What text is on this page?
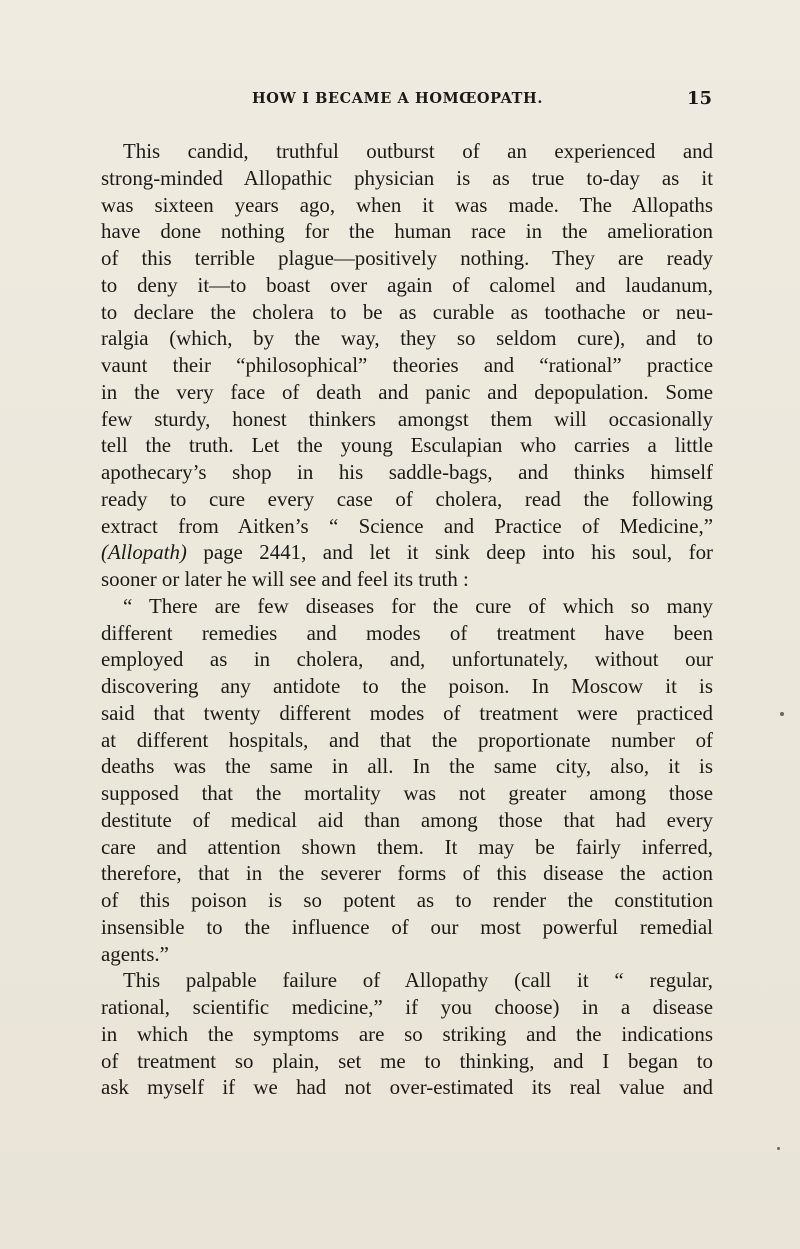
HOW I BECAME A HOMŒOPATH.	15
This candid, truthful outburst of an experienced and
strong-minded Allopathic physician is as true to-day as it
was sixteen years ago, when it was made. The Allopaths
have done nothing for the human race in the amelioration
of this terrible plague—positively nothing. They are ready
to deny it—to boast over again of calomel and laudanum,
to declare the cholera to be as curable as toothache or neu-
ralgia (which, by the way, they so seldom cure), and to
vaunt their “philosophical” theories and “rational” practice
in the very face of death and panic and depopulation. Some
few sturdy, honest thinkers amongst them will occasionally
tell the truth. Let the young Esculapian who carries a little
apothecary’s shop in his saddle-bags, and thinks himself
ready to cure every case of cholera, read the following
extract from Aitken’s “ Science and Practice of Medicine,”
(Allopath) page 2441, and let it sink deep into his soul, for
sooner or later he will see and feel its truth :
“ There are few diseases for the cure of which so many
different remedies and modes of treatment have been
employed as in cholera, and, unfortunately, without our
discovering any antidote to the poison. In Moscow it is
said that twenty different modes of treatment were practiced
at different hospitals, and that the proportionate number of
deaths was the same in all. In the same city, also, it is
supposed that the mortality was not greater among those
destitute of medical aid than among those that had every
care and attention shown them. It may be fairly inferred,
therefore, that in the severer forms of this disease the action
of this poison is so potent as to render the constitution
insensible to the influence of our most powerful remedial
agents.”
This palpable failure of Allopathy (call it “ regular,
rational, scientific medicine,” if you choose) in a disease
in which the symptoms are so striking and the indications
of treatment so plain, set me to thinking, and I began to
ask myself if we had not over-estimated its real value and
